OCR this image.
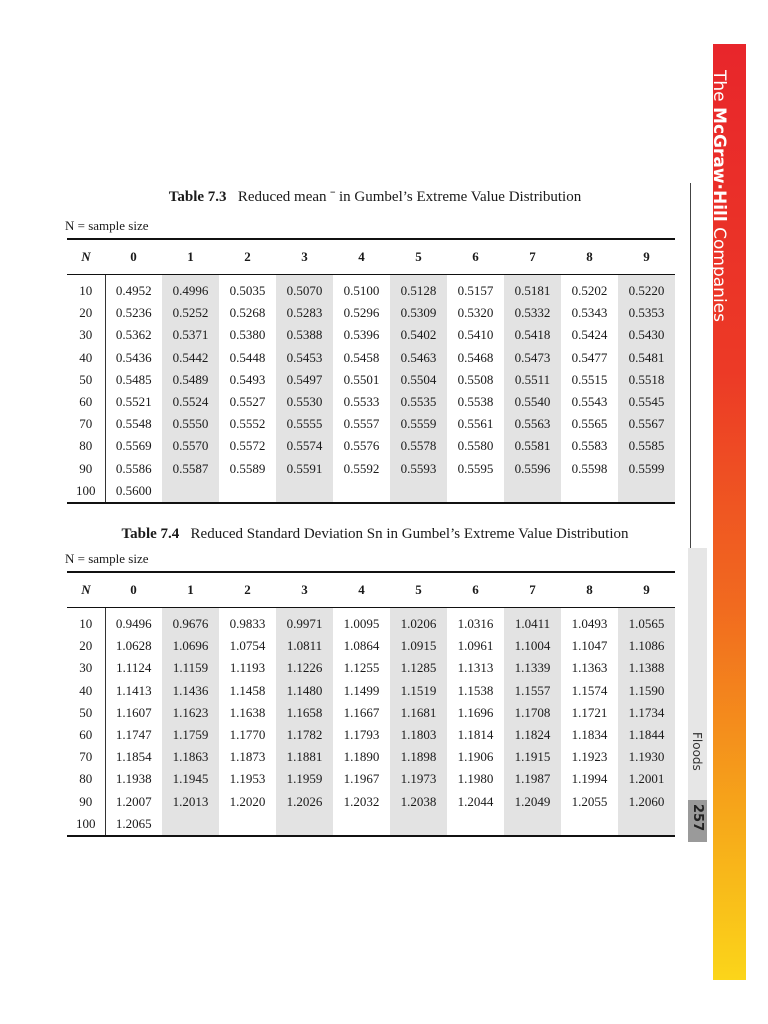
The McGraw·Hill Companies
Floods
257
Table 7.3 Reduced mean ˉ in Gumbel’s Extreme Value Distribution
N = sample size
N	0	1	2	3	4	5	6	7	8	9
10	0.4952	0.4996	0.5035	0.5070	0.5100	0.5128	0.5157	0.5181	0.5202	0.5220
20	0.5236	0.5252	0.5268	0.5283	0.5296	0.5309	0.5320	0.5332	0.5343	0.5353
30	0.5362	0.5371	0.5380	0.5388	0.5396	0.5402	0.5410	0.5418	0.5424	0.5430
40	0.5436	0.5442	0.5448	0.5453	0.5458	0.5463	0.5468	0.5473	0.5477	0.5481
50	0.5485	0.5489	0.5493	0.5497	0.5501	0.5504	0.5508	0.5511	0.5515	0.5518
60	0.5521	0.5524	0.5527	0.5530	0.5533	0.5535	0.5538	0.5540	0.5543	0.5545
70	0.5548	0.5550	0.5552	0.5555	0.5557	0.5559	0.5561	0.5563	0.5565	0.5567
80	0.5569	0.5570	0.5572	0.5574	0.5576	0.5578	0.5580	0.5581	0.5583	0.5585
90	0.5586	0.5587	0.5589	0.5591	0.5592	0.5593	0.5595	0.5596	0.5598	0.5599
100	0.5600									
Table 7.4 Reduced Standard Deviation Sn in Gumbel’s Extreme Value Distribution
N = sample size
N	0	1	2	3	4	5	6	7	8	9
10	0.9496	0.9676	0.9833	0.9971	1.0095	1.0206	1.0316	1.0411	1.0493	1.0565
20	1.0628	1.0696	1.0754	1.0811	1.0864	1.0915	1.0961	1.1004	1.1047	1.1086
30	1.1124	1.1159	1.1193	1.1226	1.1255	1.1285	1.1313	1.1339	1.1363	1.1388
40	1.1413	1.1436	1.1458	1.1480	1.1499	1.1519	1.1538	1.1557	1.1574	1.1590
50	1.1607	1.1623	1.1638	1.1658	1.1667	1.1681	1.1696	1.1708	1.1721	1.1734
60	1.1747	1.1759	1.1770	1.1782	1.1793	1.1803	1.1814	1.1824	1.1834	1.1844
70	1.1854	1.1863	1.1873	1.1881	1.1890	1.1898	1.1906	1.1915	1.1923	1.1930
80	1.1938	1.1945	1.1953	1.1959	1.1967	1.1973	1.1980	1.1987	1.1994	1.2001
90	1.2007	1.2013	1.2020	1.2026	1.2032	1.2038	1.2044	1.2049	1.2055	1.2060
100	1.2065									
